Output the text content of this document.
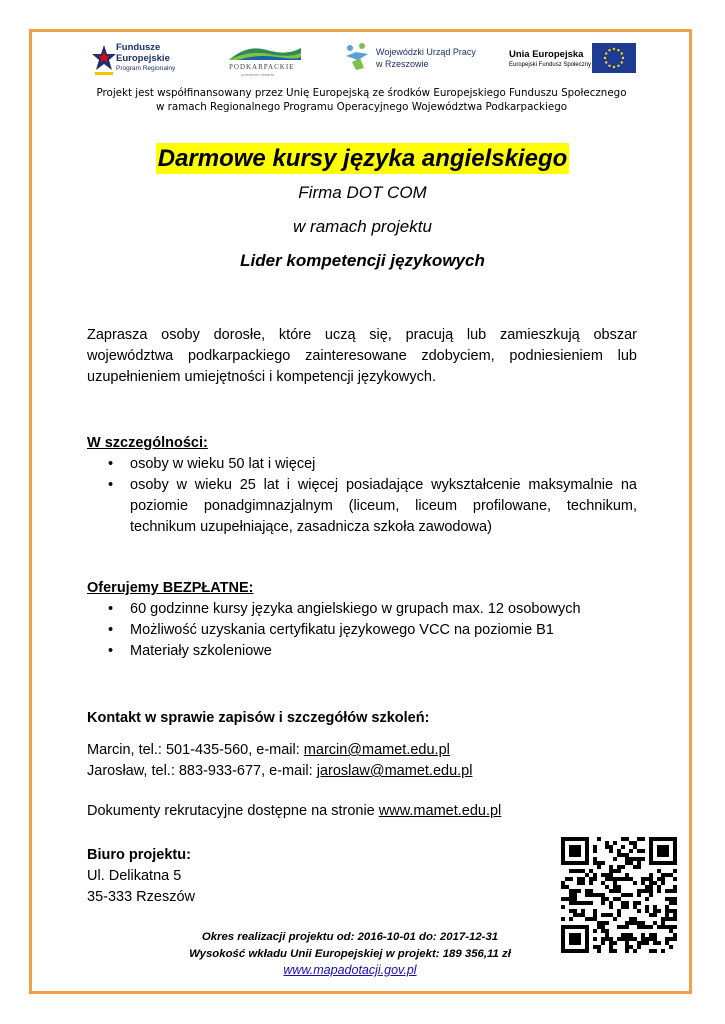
Fundusze
Europejskie
Program Regionalny	PODKARPACKIE
przestrzeń otwarta
Wojewódzki Urząd Pracy
w Rzeszowie
Unia Europejska
Europejski Fundusz Społeczny
Projekt jest współfinansowany przez Unię Europejską ze środków Europejskiego Funduszu Społecznego
w ramach Regionalnego Programu Operacyjnego Województwa Podkarpackiego
Darmowe kursy języka angielskiego
Firma DOT COM
w ramach projektu
Lider kompetencji językowych
Zaprasza osoby dorosłe, które uczą się, pracują lub zamieszkują obszar województwa podkarpackiego zainteresowane zdobyciem, podniesieniem lub uzupełnieniem umiejętności i kompetencji językowych.
W szczególności:
• osoby w wieku 50 lat i więcej
• osoby w wieku 25 lat i więcej posiadające wykształcenie maksymalnie na poziomie ponadgimnazjalnym (liceum, liceum profilowane, technikum, technikum uzupełniające, zasadnicza szkoła zawodowa)
Oferujemy BEZPŁATNE:
• 60 godzinne kursy języka angielskiego w grupach max. 12 osobowych
• Możliwość uzyskania certyfikatu językowego VCC na poziomie B1
• Materiały szkoleniowe
Kontakt w sprawie zapisów i szczegółów szkoleń:
Marcin, tel.: 501-435-560, e-mail: marcin@mamet.edu.pl
Jarosław, tel.: 883-933-677, e-mail: jaroslaw@mamet.edu.pl
Dokumenty rekrutacyjne dostępne na stronie www.mamet.edu.pl
Biuro projektu:
Ul. Delikatna 5
35-333 Rzeszów
Okres realizacji projektu od: 2016-10-01 do: 2017-12-31
Wysokość wkładu Unii Europejskiej w projekt: 189 356,11 zł
www.mapadotacji.gov.pl
